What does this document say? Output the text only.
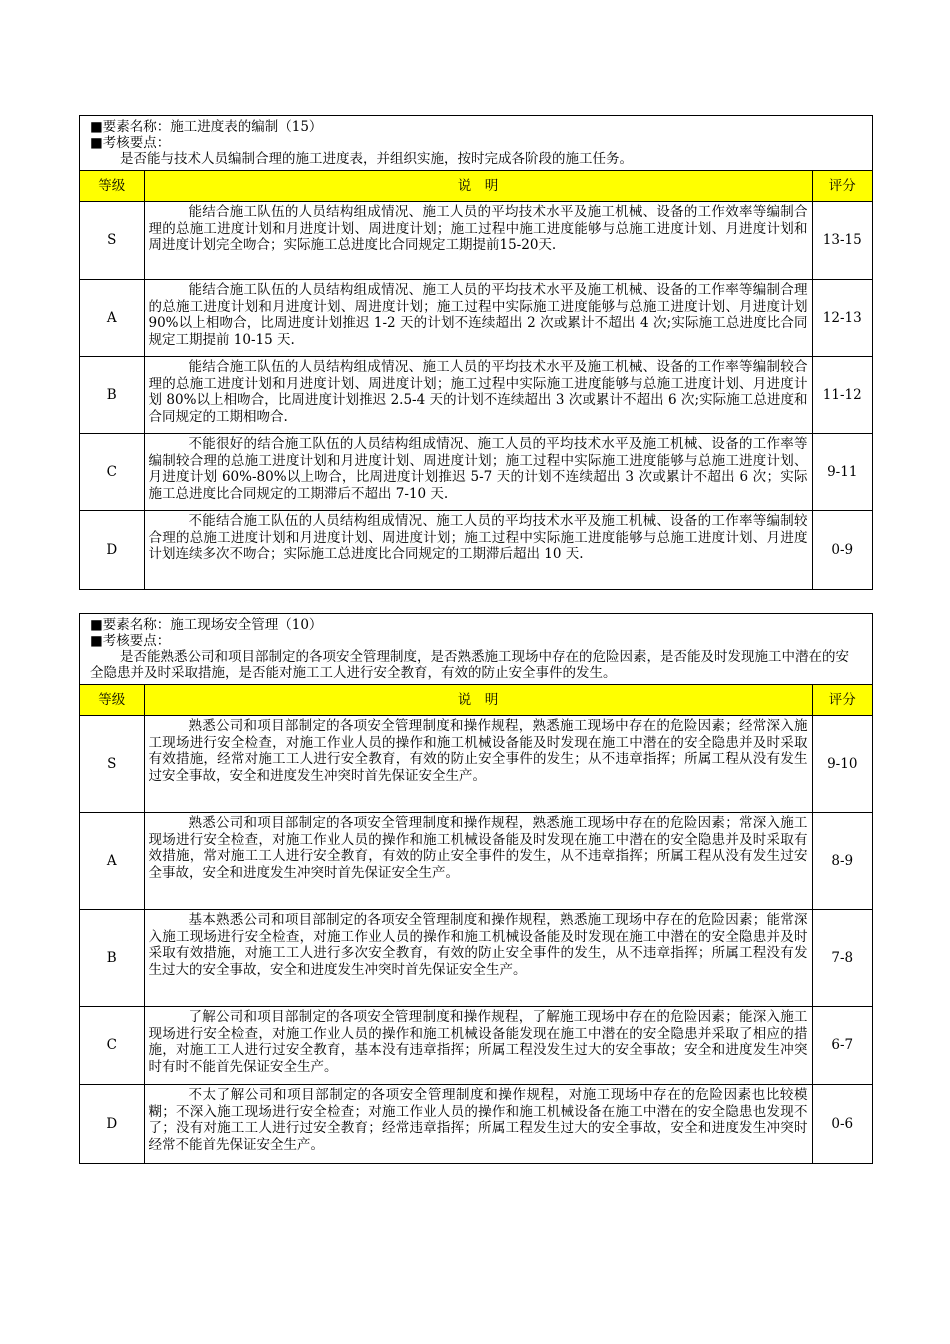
■要素名称：施工进度表的编制（15）
■考核要点：
是否能与技术人员编制合理的施工进度表，并组织实施，按时完成各阶段的施工任务。
等级	说　明	评分
S	能结合施工队伍的人员结构组成情况、施工人员的平均技术水平及施工机械、设备的工作效率等编制合理的总施工进度计划和月进度计划、周进度计划；施工过程中施工进度能够与总施工进度计划、月进度计划和周进度计划完全吻合；实际施工总进度比合同规定工期提前15-20天.	13-15
A	能结合施工队伍的人员结构组成情况、施工人员的平均技术水平及施工机械、设备的工作率等编制合理的总施工进度计划和月进度计划、周进度计划；施工过程中实际施工进度能够与总施工进度计划、月进度计划 90%以上相吻合，比周进度计划推迟 1-2 天的计划不连续超出 2 次或累计不超出 4 次;实际施工总进度比合同规定工期提前 10-15 天.	12-13
B	能结合施工队伍的人员结构组成情况、施工人员的平均技术水平及施工机械、设备的工作率等编制较合理的总施工进度计划和月进度计划、周进度计划；施工过程中实际施工进度能够与总施工进度计划、月进度计划 80%以上相吻合，比周进度计划推迟 2.5-4 天的计划不连续超出 3 次或累计不超出 6 次;实际施工总进度和合同规定的工期相吻合.	11-12
C	不能很好的结合施工队伍的人员结构组成情况、施工人员的平均技术水平及施工机械、设备的工作率等编制较合理的总施工进度计划和月进度计划、周进度计划；施工过程中实际施工进度能够与总施工进度计划、月进度计划 60%-80%以上吻合，比周进度计划推迟 5-7 天的计划不连续超出 3 次或累计不超出 6 次；实际施工总进度比合同规定的工期滞后不超出 7-10 天.	9-11
D	不能结合施工队伍的人员结构组成情况、施工人员的平均技术水平及施工机械、设备的工作率等编制较合理的总施工进度计划和月进度计划、周进度计划；施工过程中实际施工进度能够与总施工进度计划、月进度计划连续多次不吻合；实际施工总进度比合同规定的工期滞后超出 10 天.	0-9
■要素名称：施工现场安全管理（10）
■考核要点：
是否能熟悉公司和项目部制定的各项安全管理制度，是否熟悉施工现场中存在的危险因素，是否能及时发现施工中潜在的安全隐患并及时采取措施，是否能对施工工人进行安全教育，有效的防止安全事件的发生。
等级	说　明	评分
S	熟悉公司和项目部制定的各项安全管理制度和操作规程，熟悉施工现场中存在的危险因素；经常深入施工现场进行安全检查，对施工作业人员的操作和施工机械设备能及时发现在施工中潜在的安全隐患并及时采取有效措施，经常对施工工人进行安全教育，有效的防止安全事件的发生；从不违章指挥；所属工程从没有发生过安全事故，安全和进度发生冲突时首先保证安全生产。	9-10
A	熟悉公司和项目部制定的各项安全管理制度和操作规程，熟悉施工现场中存在的危险因素；常深入施工现场进行安全检查，对施工作业人员的操作和施工机械设备能及时发现在施工中潜在的安全隐患并及时采取有效措施，常对施工工人进行安全教育，有效的防止安全事件的发生，从不违章指挥；所属工程从没有发生过安全事故，安全和进度发生冲突时首先保证安全生产。	8-9
B	基本熟悉公司和项目部制定的各项安全管理制度和操作规程，熟悉施工现场中存在的危险因素；能常深入施工现场进行安全检查，对施工作业人员的操作和施工机械设备能及时发现在施工中潜在的安全隐患并及时采取有效措施，对施工工人进行多次安全教育，有效的防止安全事件的发生，从不违章指挥；所属工程没有发生过大的安全事故，安全和进度发生冲突时首先保证安全生产。	7-8
C	了解公司和项目部制定的各项安全管理制度和操作规程，了解施工现场中存在的危险因素；能深入施工现场进行安全检查，对施工作业人员的操作和施工机械设备能发现在施工中潜在的安全隐患并采取了相应的措施，对施工工人进行过安全教育，基本没有违章指挥；所属工程没发生过大的安全事故；安全和进度发生冲突时有时不能首先保证安全生产。	6-7
D	不太了解公司和项目部制定的各项安全管理制度和操作规程，对施工现场中存在的危险因素也比较模糊；不深入施工现场进行安全检查；对施工作业人员的操作和施工机械设备在施工中潜在的安全隐患也发现不了；没有对施工工人进行过安全教育；经常违章指挥；所属工程发生过大的安全事故，安全和进度发生冲突时经常不能首先保证安全生产。	0-6
